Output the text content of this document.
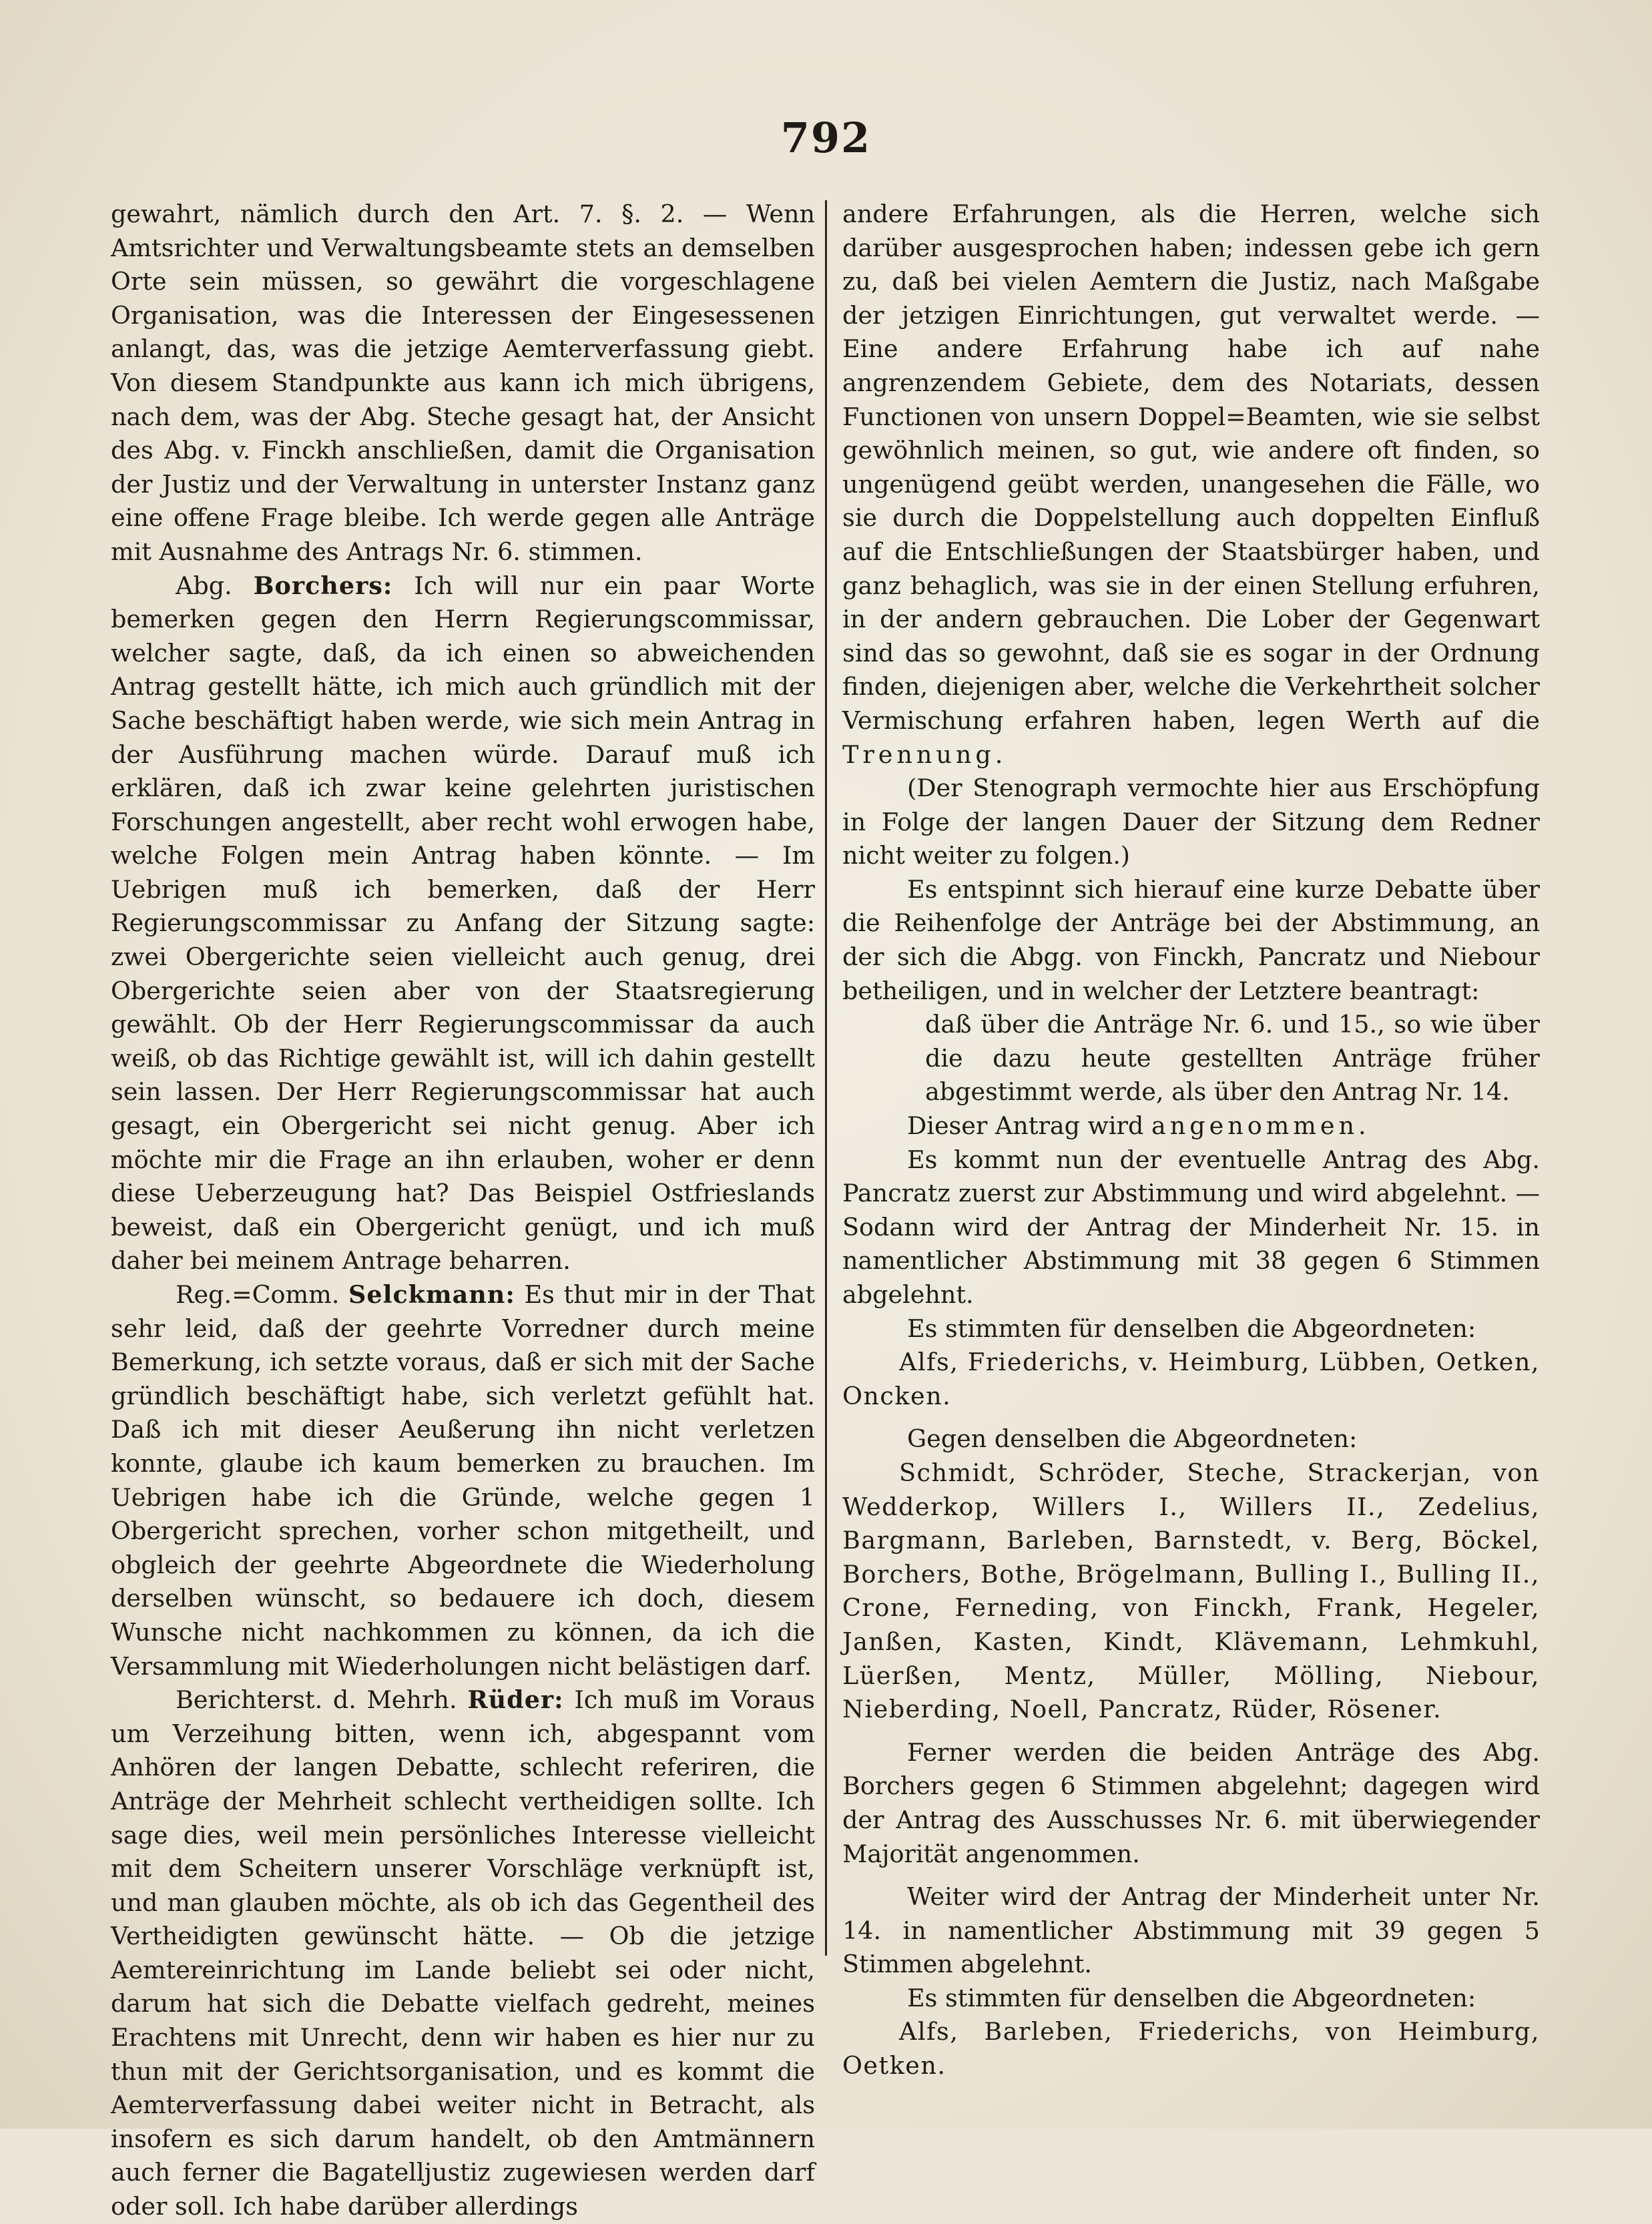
792

gewahrt, nämlich durch den Art. 7. §. 2. — Wenn Amtsrichter und Verwaltungsbeamte stets an demselben Orte sein müssen, so gewährt die vorgeschlagene Organisation, was die Interessen der Eingesessenen anlangt, das, was die jetzige Aemterverfassung giebt. Von diesem Standpunkte aus kann ich mich übrigens, nach dem, was der Abg. Steche gesagt hat, der Ansicht des Abg. v. Finckh anschließen, damit die Organisation der Justiz und der Verwaltung in unterster Instanz ganz eine offene Frage bleibe. Ich werde gegen alle Anträge mit Ausnahme des Antrags Nr. 6. stimmen.

Abg. Borchers: Ich will nur ein paar Worte bemerken gegen den Herrn Regierungscommissar, welcher sagte, daß, da ich einen so abweichenden Antrag gestellt hätte, ich mich auch gründlich mit der Sache beschäftigt haben werde, wie sich mein Antrag in der Ausführung machen würde. Darauf muß ich erklären, daß ich zwar keine gelehrten juristischen Forschungen angestellt, aber recht wohl erwogen habe, welche Folgen mein Antrag haben könnte. — Im Uebrigen muß ich bemerken, daß der Herr Regierungscommissar zu Anfang der Sitzung sagte: zwei Obergerichte seien vielleicht auch genug, drei Obergerichte seien aber von der Staatsregierung gewählt. Ob der Herr Regierungscommissar da auch weiß, ob das Richtige gewählt ist, will ich dahin gestellt sein lassen. Der Herr Regierungscommissar hat auch gesagt, ein Obergericht sei nicht genug. Aber ich möchte mir die Frage an ihn erlauben, woher er denn diese Ueberzeugung hat? Das Beispiel Ostfrieslands beweist, daß ein Obergericht genügt, und ich muß daher bei meinem Antrage beharren.

Reg.=Comm. Selckmann: Es thut mir in der That sehr leid, daß der geehrte Vorredner durch meine Bemerkung, ich setzte voraus, daß er sich mit der Sache gründlich beschäftigt habe, sich verletzt gefühlt hat. Daß ich mit dieser Aeußerung ihn nicht verletzen konnte, glaube ich kaum bemerken zu brauchen. Im Uebrigen habe ich die Gründe, welche gegen 1 Obergericht sprechen, vorher schon mitgetheilt, und obgleich der geehrte Abgeordnete die Wiederholung derselben wünscht, so bedauere ich doch, diesem Wunsche nicht nachkommen zu können, da ich die Versammlung mit Wiederholungen nicht belästigen darf.

Berichterst. d. Mehrh. Rüder: Ich muß im Voraus um Verzeihung bitten, wenn ich, abgespannt vom Anhören der langen Debatte, schlecht referiren, die Anträge der Mehrheit schlecht vertheidigen sollte. Ich sage dies, weil mein persönliches Interesse vielleicht mit dem Scheitern unserer Vorschläge verknüpft ist, und man glauben möchte, als ob ich das Gegentheil des Vertheidigten gewünscht hätte. — Ob die jetzige Aemtereinrichtung im Lande beliebt sei oder nicht, darum hat sich die Debatte vielfach gedreht, meines Erachtens mit Unrecht, denn wir haben es hier nur zu thun mit der Gerichtsorganisation, und es kommt die Aemterverfassung dabei weiter nicht in Betracht, als insofern es sich darum handelt, ob den Amtmännern auch ferner die Bagatelljustiz zugewiesen werden darf oder soll. Ich habe darüber allerdings

andere Erfahrungen, als die Herren, welche sich darüber ausgesprochen haben; indessen gebe ich gern zu, daß bei vielen Aemtern die Justiz, nach Maßgabe der jetzigen Einrichtungen, gut verwaltet werde. — Eine andere Erfahrung habe ich auf nahe angrenzendem Gebiete, dem des Notariats, dessen Functionen von unsern Doppel=Beamten, wie sie selbst gewöhnlich meinen, so gut, wie andere oft finden, so ungenügend geübt werden, unangesehen die Fälle, wo sie durch die Doppelstellung auch doppelten Einfluß auf die Entschließungen der Staatsbürger haben, und ganz behaglich, was sie in der einen Stellung erfuhren, in der andern gebrauchen. Die Lober der Gegenwart sind das so gewohnt, daß sie es sogar in der Ordnung finden, diejenigen aber, welche die Verkehrtheit solcher Vermischung erfahren haben, legen Werth auf die Trennung.

(Der Stenograph vermochte hier aus Erschöpfung in Folge der langen Dauer der Sitzung dem Redner nicht weiter zu folgen.)

Es entspinnt sich hierauf eine kurze Debatte über die Reihenfolge der Anträge bei der Abstimmung, an der sich die Abgg. von Finckh, Pancratz und Niebour betheiligen, und in welcher der Letztere beantragt:

daß über die Anträge Nr. 6. und 15., so wie über die dazu heute gestellten Anträge früher abgestimmt werde, als über den Antrag Nr. 14.

Dieser Antrag wird angenommen.

Es kommt nun der eventuelle Antrag des Abg. Pancratz zuerst zur Abstimmung und wird abgelehnt. — Sodann wird der Antrag der Minderheit Nr. 15. in namentlicher Abstimmung mit 38 gegen 6 Stimmen abgelehnt.

Es stimmten für denselben die Abgeordneten:

Alfs, Friederichs, v. Heimburg, Lübben, Oetken, Oncken.

Gegen denselben die Abgeordneten:

Schmidt, Schröder, Steche, Strackerjan, von Wedderkop, Willers I., Willers II., Zedelius, Bargmann, Barleben, Barnstedt, v. Berg, Böckel, Borchers, Bothe, Brögelmann, Bulling I., Bulling II., Crone, Ferneding, von Finckh, Frank, Hegeler, Janßen, Kasten, Kindt, Klävemann, Lehmkuhl, Lüerßen, Mentz, Müller, Mölling, Niebour, Nieberding, Noell, Pancratz, Rüder, Rösener.

Ferner werden die beiden Anträge des Abg. Borchers gegen 6 Stimmen abgelehnt; dagegen wird der Antrag des Ausschusses Nr. 6. mit überwiegender Majorität angenommen.

Weiter wird der Antrag der Minderheit unter Nr. 14. in namentlicher Abstimmung mit 39 gegen 5 Stimmen abgelehnt.

Es stimmten für denselben die Abgeordneten:

Alfs, Barleben, Friederichs, von Heimburg, Oetken.
